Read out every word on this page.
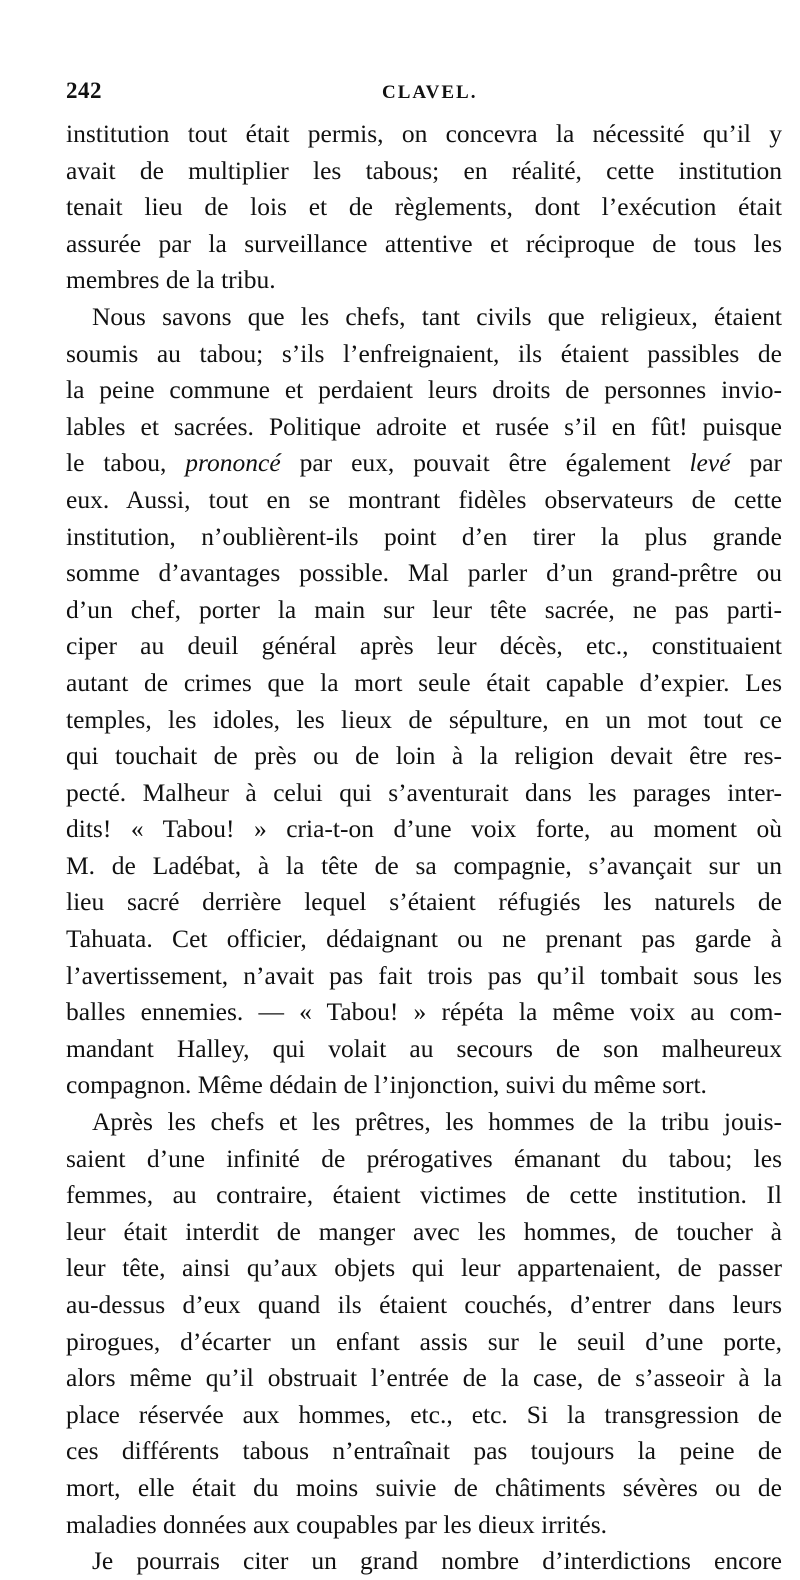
242	CLAVEL.
institution tout était permis, on concevra la nécessité qu’il y
avait de multiplier les tabous; en réalité, cette institution
tenait lieu de lois et de règlements, dont l’exécution était
assurée par la surveillance attentive et réciproque de tous les
membres de la tribu.
Nous savons que les chefs, tant civils que religieux, étaient
soumis au tabou; s’ils l’enfreignaient, ils étaient passibles de
la peine commune et perdaient leurs droits de personnes invio-
lables et sacrées. Politique adroite et rusée s’il en fût! puisque
le tabou, prononcé par eux, pouvait être également levé par
eux. Aussi, tout en se montrant fidèles observateurs de cette
institution, n’oublièrent-ils point d’en tirer la plus grande
somme d’avantages possible. Mal parler d’un grand-prêtre ou
d’un chef, porter la main sur leur tête sacrée, ne pas parti-
ciper au deuil général après leur décès, etc., constituaient
autant de crimes que la mort seule était capable d’expier. Les
temples, les idoles, les lieux de sépulture, en un mot tout ce
qui touchait de près ou de loin à la religion devait être res-
pecté. Malheur à celui qui s’aventurait dans les parages inter-
dits! « Tabou! » cria-t-on d’une voix forte, au moment où
M. de Ladébat, à la tête de sa compagnie, s’avançait sur un
lieu sacré derrière lequel s’étaient réfugiés les naturels de
Tahuata. Cet officier, dédaignant ou ne prenant pas garde à
l’avertissement, n’avait pas fait trois pas qu’il tombait sous les
balles ennemies. — « Tabou! » répéta la même voix au com-
mandant Halley, qui volait au secours de son malheureux
compagnon. Même dédain de l’injonction, suivi du même sort.
Après les chefs et les prêtres, les hommes de la tribu jouis-
saient d’une infinité de prérogatives émanant du tabou; les
femmes, au contraire, étaient victimes de cette institution. Il
leur était interdit de manger avec les hommes, de toucher à
leur tête, ainsi qu’aux objets qui leur appartenaient, de passer
au-dessus d’eux quand ils étaient couchés, d’entrer dans leurs
pirogues, d’écarter un enfant assis sur le seuil d’une porte,
alors même qu’il obstruait l’entrée de la case, de s’asseoir à la
place réservée aux hommes, etc., etc. Si la transgression de
ces différents tabous n’entraînait pas toujours la peine de
mort, elle était du moins suivie de châtiments sévères ou de
maladies données aux coupables par les dieux irrités.
Je pourrais citer un grand nombre d’interdictions encore
